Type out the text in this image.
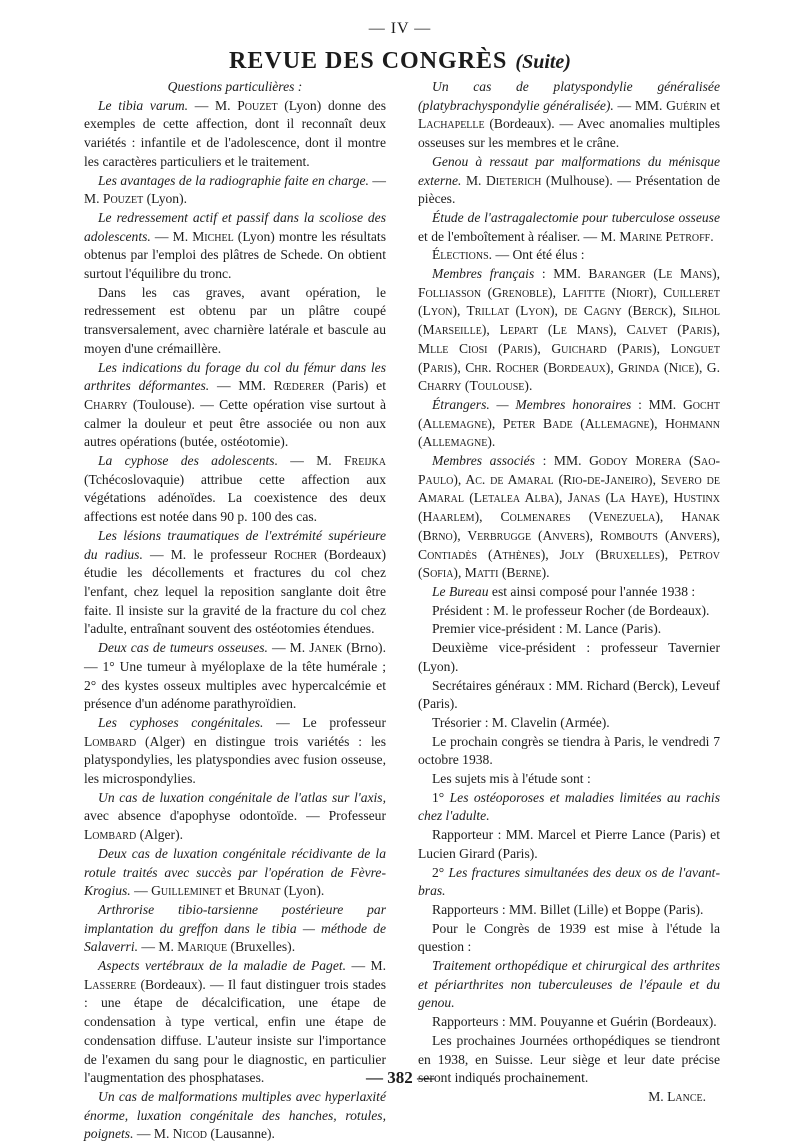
— IV —
REVUE DES CONGRÈS (Suite)

Questions particulières :

Le tibia varum. — M. Pouzet (Lyon) donne des exemples de cette affection, dont il reconnaît deux variétés : infantile et de l'adolescence, dont il montre les caractères particuliers et le traitement.

Les avantages de la radiographie faite en charge. — M. Pouzet (Lyon).

Le redressement actif et passif dans la scoliose des adolescents. — M. Michel (Lyon) montre les résultats obtenus par l'emploi des plâtres de Schede. On obtient surtout l'équilibre du tronc.

Dans les cas graves, avant opération, le redressement est obtenu par un plâtre coupé transversalement, avec charnière latérale et bascule au moyen d'une crémaillère.

Les indications du forage du col du fémur dans les arthrites déformantes. — MM. Rœderer (Paris) et Charry (Toulouse). — Cette opération vise surtout à calmer la douleur et peut être associée ou non aux autres opérations (butée, ostéotomie).

La cyphose des adolescents. — M. Freijka (Tchécoslovaquie) attribue cette affection aux végétations adénoïdes. La coexistence des deux affections est notée dans 90 p. 100 des cas.

Les lésions traumatiques de l'extrémité supérieure du radius. — M. le professeur Rocher (Bordeaux) étudie les décollements et fractures du col chez l'enfant, chez lequel la reposition sanglante doit être faite. Il insiste sur la gravité de la fracture du col chez l'adulte, entraînant souvent des ostéotomies étendues.

Deux cas de tumeurs osseuses. — M. Janek (Brno). — 1° Une tumeur à myéloplaxe de la tête humérale ; 2° des kystes osseux multiples avec hypercalcémie et présence d'un adénome parathyroïdien.

Les cyphoses congénitales. — Le professeur Lombard (Alger) en distingue trois variétés : les platyspondylies, les platyspondies avec fusion osseuse, les microspondylies.

Un cas de luxation congénitale de l'atlas sur l'axis, avec absence d'apophyse odontoïde. — Professeur Lombard (Alger).

Deux cas de luxation congénitale récidivante de la rotule traités avec succès par l'opération de Fèvre-Krogius. — Guilleminet et Brunat (Lyon).

Arthrorise tibio-tarsienne postérieure par implantation du greffon dans le tibia — méthode de Salaverri. — M. Marique (Bruxelles).

Aspects vertébraux de la maladie de Paget. — M. Lasserre (Bordeaux). — Il faut distinguer trois stades : une étape de décalcification, une étape de condensation à type vertical, enfin une étape de condensation diffuse. L'auteur insiste sur l'importance de l'examen du sang pour le diagnostic, en particulier l'augmentation des phosphatases.

Un cas de malformations multiples avec hyperlaxité énorme, luxation congénitale des hanches, rotules, poignets. — M. Nicod (Lausanne).

Un cas de platyspondylie généralisée (platybrachyspondylie généralisée). — MM. Guérin et Lachapelle (Bordeaux). — Avec anomalies multiples osseuses sur les membres et le crâne.

Genou à ressaut par malformations du ménisque externe. M. Dieterich (Mulhouse). — Présentation de pièces.

Étude de l'astragalectomie pour tuberculose osseuse et de l'emboîtement à réaliser. — M. Marine Petroff.

Élections. — Ont été élus :

Membres français : MM. Baranger (Le Mans), Folliasson (Grenoble), Lafitte (Niort), Cuilleret (Lyon), Trillat (Lyon), de Cagny (Berck), Silhol (Marseille), Lepart (Le Mans), Calvet (Paris), Mlle Ciosi (Paris), Guichard (Paris), Longuet (Paris), Chr. Rocher (Bordeaux), Grinda (Nice), G. Charry (Toulouse).

Étrangers. — Membres honoraires : MM. Gocht (Allemagne), Peter Bade (Allemagne), Hohmann (Allemagne).

Membres associés : MM. Godoy Morera (Sao-Paulo), Ac. de Amaral (Rio-de-Janeiro), Severo de Amaral (Letalea Alba), Janas (La Haye), Hustinx (Haarlem), Colmenares (Venezuela), Hanak (Brno), Verbrugge (Anvers), Rombouts (Anvers), Contiadès (Athènes), Joly (Bruxelles), Petrov (Sofia), Matti (Berne).

Le Bureau est ainsi composé pour l'année 1938 :

Président : M. le professeur Rocher (de Bordeaux).

Premier vice-président : M. Lance (Paris).

Deuxième vice-président : professeur Tavernier (Lyon).

Secrétaires généraux : MM. Richard (Berck), Leveuf (Paris).

Trésorier : M. Clavelin (Armée).

Le prochain congrès se tiendra à Paris, le vendredi 7 octobre 1938.

Les sujets mis à l'étude sont :

1° Les ostéoporoses et maladies limitées au rachis chez l'adulte.

Rapporteur : MM. Marcel et Pierre Lance (Paris) et Lucien Girard (Paris).

2° Les fractures simultanées des deux os de l'avant-bras.

Rapporteurs : MM. Billet (Lille) et Boppe (Paris).

Pour le Congrès de 1939 est mise à l'étude la question :

Traitement orthopédique et chirurgical des arthrites et périarthrites non tuberculeuses de l'épaule et du genou.

Rapporteurs : MM. Pouyanne et Guérin (Bordeaux).

Les prochaines Journées orthopédiques se tiendront en 1938, en Suisse. Leur siège et leur date précise seront indiqués prochainement.

M. Lance.

— 382 —
